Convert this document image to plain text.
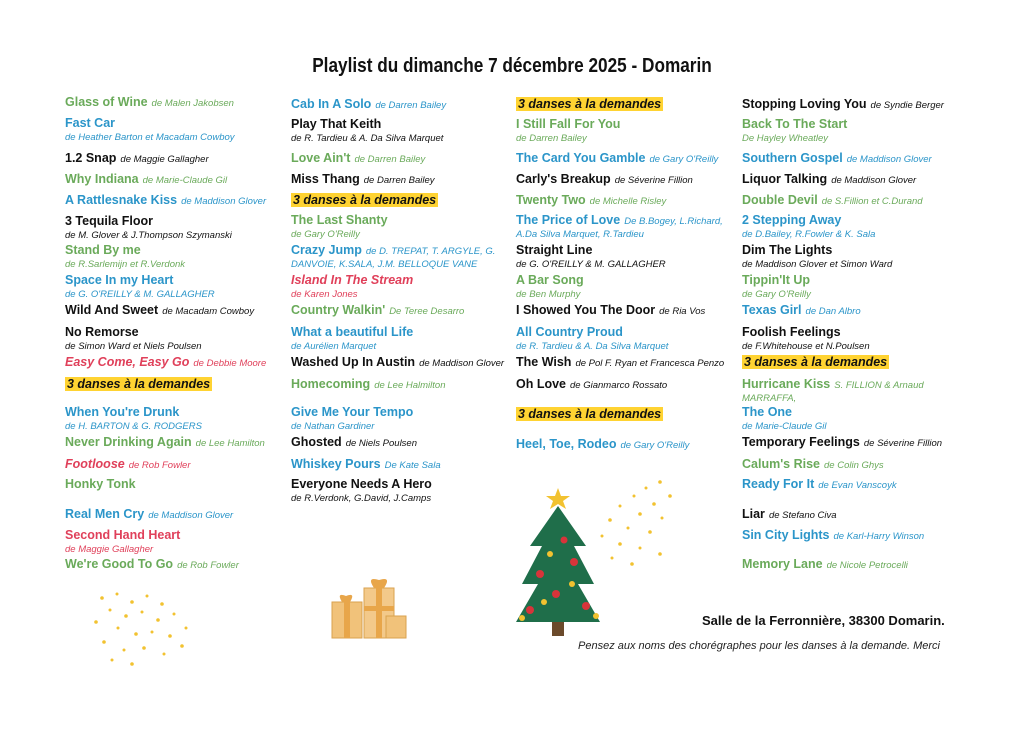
Playlist du dimanche 7 décembre 2025 - Domarin
Glass of Wine de Malen Jakobsen
Fast Car
de Heather Barton et Macadam Cowboy
1.2 Snap de Maggie Gallagher
Why Indiana de Marie-Claude Gil
A Rattlesnake Kiss de Maddison Glover
3 Tequila Floor
de M. Glover & J.Thompson Szymanski
Stand By me
de R.Sarlemijn et R.Verdonk
Space In my Heart
de G. O'REILLY & M. GALLAGHER
Wild And Sweet de Macadam Cowboy
No Remorse
de Simon Ward et Niels Poulsen
Easy Come, Easy Go de Debbie Moore
3 danses à la demandes
When You're Drunk
de H. BARTON & G. RODGERS
Never Drinking Again de Lee Hamilton
Footloose de Rob Fowler
Honky Tonk
Real Men Cry de Maddison Glover
Second Hand Heart
de Maggie Gallagher
We're Good To Go de Rob Fowler
Cab In A Solo de Darren Bailey
Play That Keith
de R. Tardieu & A. Da Silva Marquet
Love Ain't de Darren Bailey
Miss Thang de Darren Bailey
3 danses à la demandes
The Last Shanty
de Gary O'Reilly
Crazy Jump de D. TREPAT, T. ARGYLE, G.
DANVOIE, K.SALA, J.M. BELLOQUE VANE
Island In The Stream
de Karen Jones
Country Walkin' De Teree Desarro
What a beautiful Life
de Aurélien Marquet
Washed Up In Austin de Maddison Glover
Homecoming de Lee Halmilton
Give Me Your Tempo
de Nathan Gardiner
Ghosted de Niels Poulsen
Whiskey Pours De Kate Sala
Everyone Needs A Hero
de R.Verdonk, G.David, J.Camps
3 danses à la demandes
I Still Fall For You
de Darren Bailey
The Card You Gamble de Gary O'Reilly
Carly's Breakup de Séverine Fillion
Twenty Two de Michelle Risley
The Price of Love De B.Bogey, L.Richard,
A.Da Silva Marquet, R.Tardieu
Straight Line
de G. O'REILLY & M. GALLAGHER
A Bar Song
de Ben Murphy
I Showed You The Door de Ria Vos
All Country Proud
de R. Tardieu & A. Da Silva Marquet
The Wish de Pol F. Ryan et Francesca Penzo
Oh Love de Gianmarco Rossato
3 danses à la demandes
Heel, Toe, Rodeo de Gary O'Reilly
Stopping Loving You de Syndie Berger
Back To The Start
De Hayley Wheatley
Southern Gospel de Maddison Glover
Liquor Talking de Maddison Glover
Double Devil de S.Fillion et C.Durand
2 Stepping Away
de D.Bailey, R.Fowler & K. Sala
Dim The Lights
de Maddison Glover et Simon Ward
Tippin'It Up
de Gary O'Reilly
Texas Girl de Dan Albro
Foolish Feelings
de F.Whitehouse et N.Poulsen
3 danses à la demandes
Hurricane Kiss S. FILLION & Arnaud
MARRAFFA,
The One
de Marie-Claude Gil
Temporary Feelings de Séverine Fillion
Calum's Rise de Colin Ghys
Ready For It de Evan Vanscoyk
Liar de Stefano Civa
Sin City Lights de Karl-Harry Winson
Memory Lane de Nicole Petrocelli
Salle de la Ferronnière, 38300 Domarin.
Pensez aux noms des chorégraphes pour les danses à la demande. Merci
